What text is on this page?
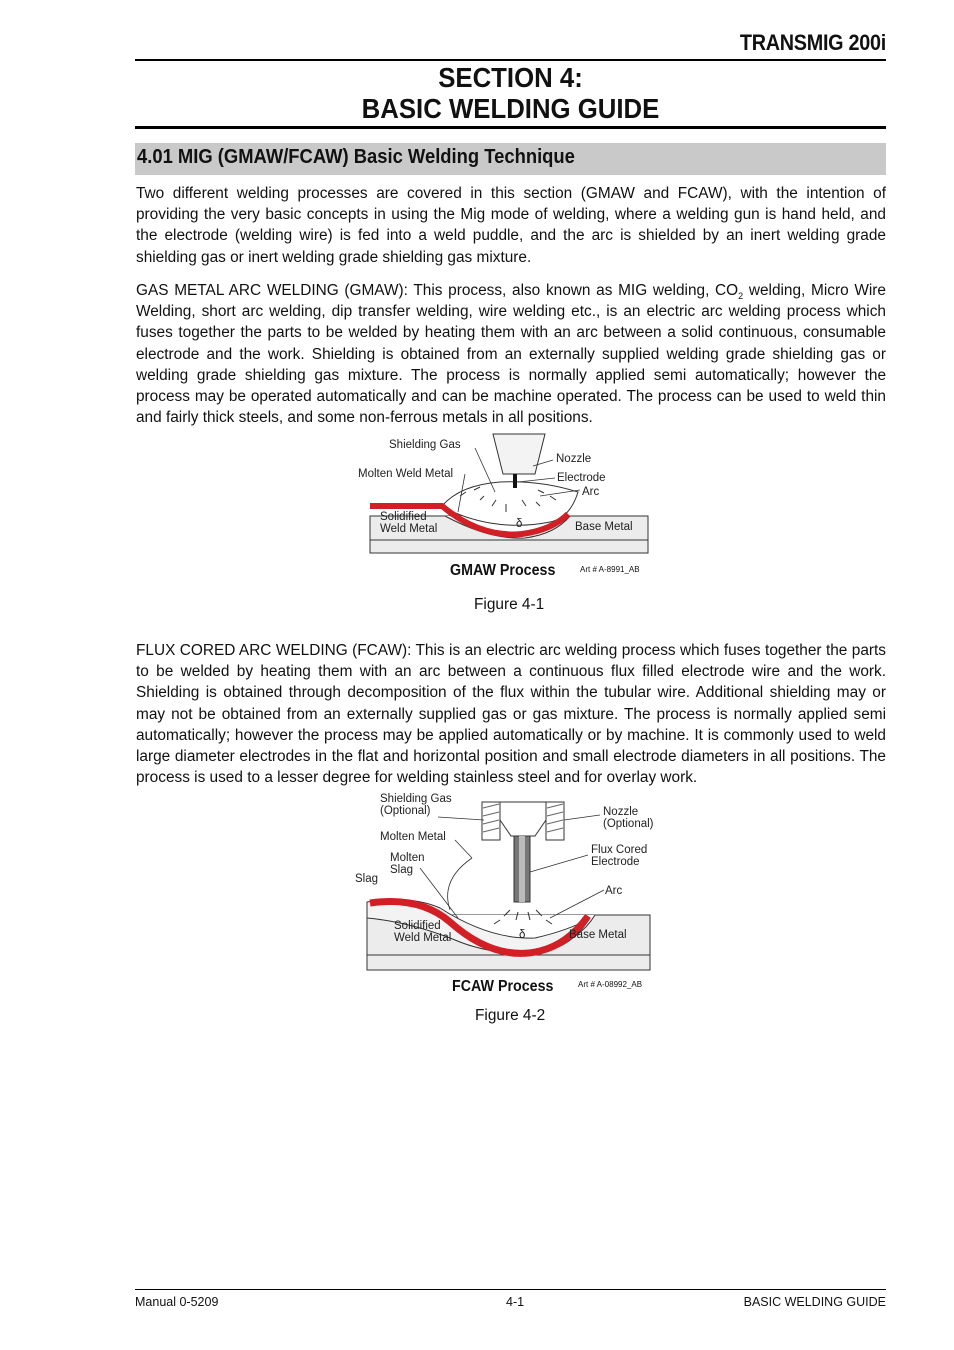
TRANSMIG 200i
SECTION 4:
BASIC WELDING GUIDE
4.01 MIG (GMAW/FCAW) Basic Welding Technique
Two different welding processes are covered in this section (GMAW and FCAW), with the intention of providing the very basic concepts in using the Mig mode of welding, where a welding gun is hand held, and the electrode (welding wire) is fed into a weld puddle, and the arc is shielded by an inert welding grade shielding gas or inert welding grade shielding gas mixture.
GAS METAL ARC WELDING (GMAW): This process, also known as MIG welding, $CO_2$ welding, Micro Wire Welding, short arc welding, dip transfer welding, wire welding etc., is an electric arc welding process which fuses together the parts to be welded by heating them with an arc between a solid continuous, consumable electrode and the work. Shielding is obtained from an externally supplied welding grade shielding gas or welding grade shielding gas mixture. The process is normally applied semi automatically; however the process may be operated automatically and can be machine operated. The process can be used to weld thin and fairly thick steels, and some non-ferrous metals in all positions.
δ
Shielding Gas
Molten Weld Metal
Nozzle
Electrode
Arc
Solidified
Weld Metal	Base Metal
GMAW Process	Art # A-8991_AB
Figure 4-1
FLUX CORED ARC WELDING (FCAW): This is an electric arc welding process which fuses together the parts to be welded by heating them with an arc between a continuous flux filled electrode wire and the work. Shielding is obtained through decomposition of the flux within the tubular wire. Additional shielding may or may not be obtained from an externally supplied gas or gas mixture. The process is normally applied semi automatically; however the process may be applied automatically or by machine. It is commonly used to weld large diameter electrodes in the flat and horizontal position and small electrode diameters in all positions. The process is used to a lesser degree for welding stainless steel and for overlay work.
δ
Shielding Gas
(Optional)
Molten Metal
Molten
Slag
Slag
Solidified
Weld Metal
Nozzle
(Optional)
Flux Cored
Electrode
Arc
Base Metal
FCAW Process	Art # A-08992_AB
Figure 4-2
Manual 0-5209	4-1	BASIC WELDING GUIDE
